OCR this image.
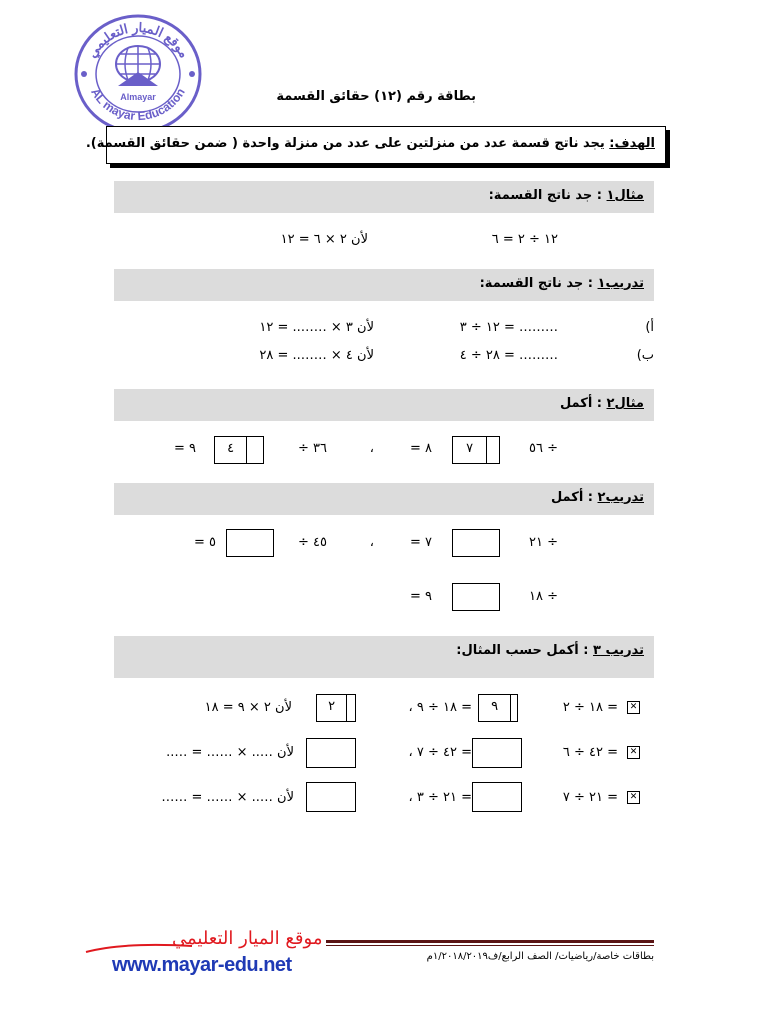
موقع الميار التعليمي
AL mayar Education
Almayar	بطاقة رقم (١٢) حقائق القسمة
الهدف: يجد ناتج قسمة عدد من منزلتين على عدد من منزلة واحدة ( ضمن حقائق القسمة).
مثال١ : جد ناتج القسمة:
١٢ ÷ ٢ = ٦
لأن ٢ × ٦ = ١٢
تدريب١ : جد ناتج القسمة:
أ)
١٢ ÷ ٣ = ………
لأن ٣ × …….. = ١٢
ب)
٢٨ ÷ ٤ = ………
لأن ٤ × …….. = ٢٨
مثال٢ : أكمل
٥٦ ÷
٧
= ٨
،
÷ ٣٦
٤
= ٩
تدريب٢ : أكمل
٢١ ÷
= ٧
،
÷ ٤٥
= ٥
١٨ ÷
= ٩
تدريب ٣ : أكمل حسب المثال:
✕
١٨ ÷ ٢ =
٩
، ١٨ ÷ ٩ =
٢
لأن ٢ × ٩ = ١٨
✕
٤٢ ÷ ٦ =
، ٤٢ ÷ ٧ =
لأن ….. × …… = …..
✕
٢١ ÷ ٧ =
، ٢١ ÷ ٣ =
لأن ….. × …… = ……
بطاقات خاصة/رياضيات/ الصف الرابع/ف١/٢٠١٨/٢٠١٩م
موقع الميار التعليمي
www.mayar-edu.net
